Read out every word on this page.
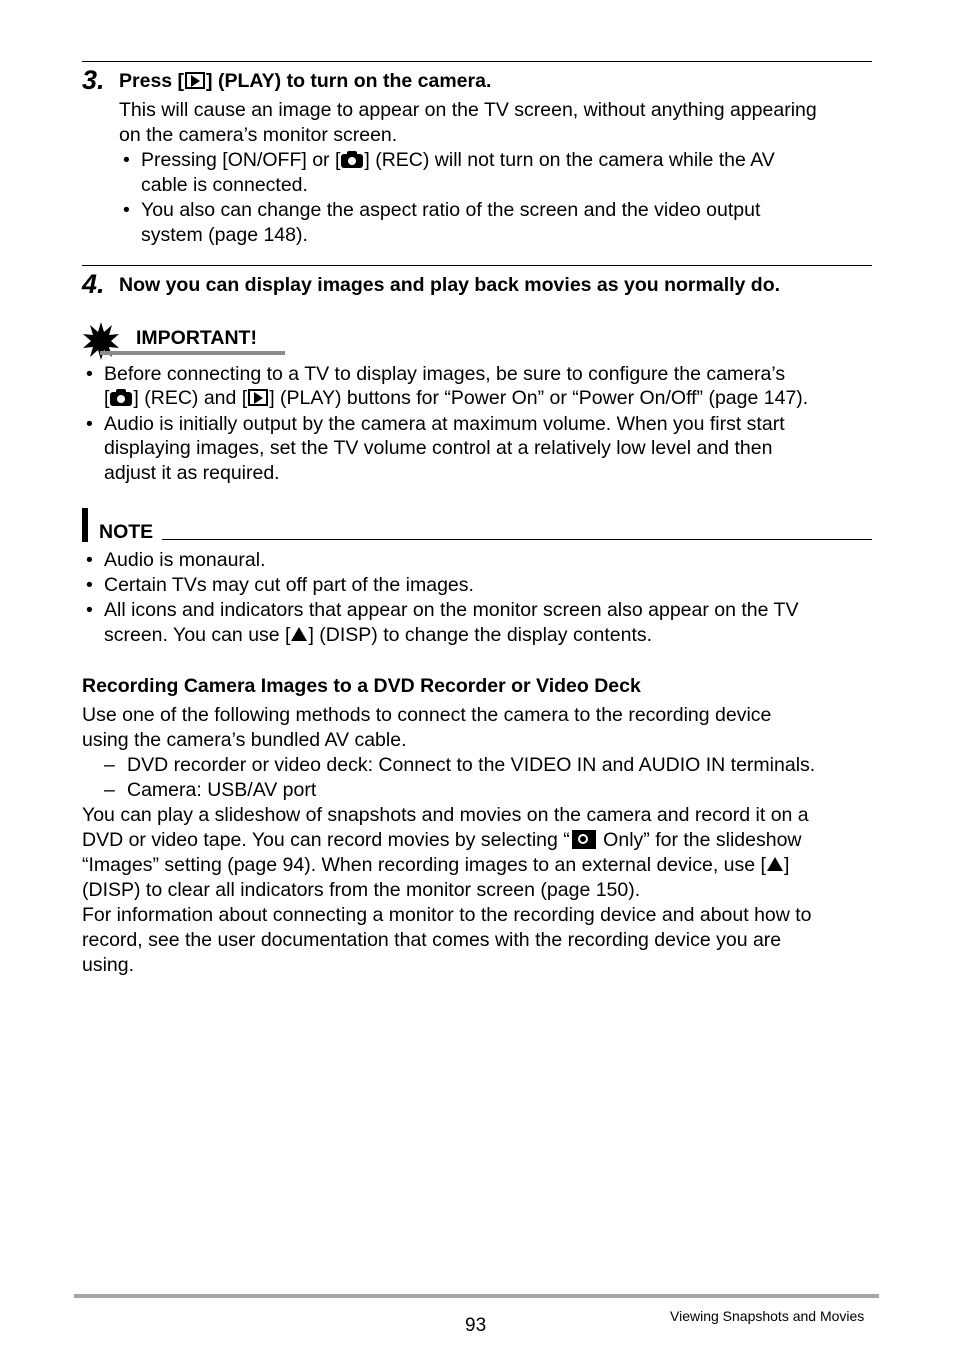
3. Press [ ] (PLAY) to turn on the camera.
This will cause an image to appear on the TV screen, without anything appearing
on the camera’s monitor screen.
• Pressing [ON/OFF] or [ ] (REC) will not turn on the camera while the AV
cable is connected.
• You also can change the aspect ratio of the screen and the video output
system (page 148).
4. Now you can display images and play back movies as you normally do.
IMPORTANT!
• Before connecting to a TV to display images, be sure to configure the camera’s
[ ] (REC) and [ ] (PLAY) buttons for “Power On” or “Power On/Off” (page 147).
• Audio is initially output by the camera at maximum volume. When you first start
displaying images, set the TV volume control at a relatively low level and then
adjust it as required.
NOTE
• Audio is monaural.
• Certain TVs may cut off part of the images.
• All icons and indicators that appear on the monitor screen also appear on the TV
screen. You can use [ ] (DISP) to change the display contents.
Recording Camera Images to a DVD Recorder or Video Deck
Use one of the following methods to connect the camera to the recording device
using the camera’s bundled AV cable.
– DVD recorder or video deck: Connect to the VIDEO IN and AUDIO IN terminals.
– Camera: USB/AV port
You can play a slideshow of snapshots and movies on the camera and record it on a
DVD or video tape. You can record movies by selecting “ Only” for the slideshow
“Images” setting (page 94). When recording images to an external device, use [ ]
(DISP) to clear all indicators from the monitor screen (page 150).
For information about connecting a monitor to the recording device and about how to
record, see the user documentation that comes with the recording device you are
using.
93	Viewing Snapshots and Movies
